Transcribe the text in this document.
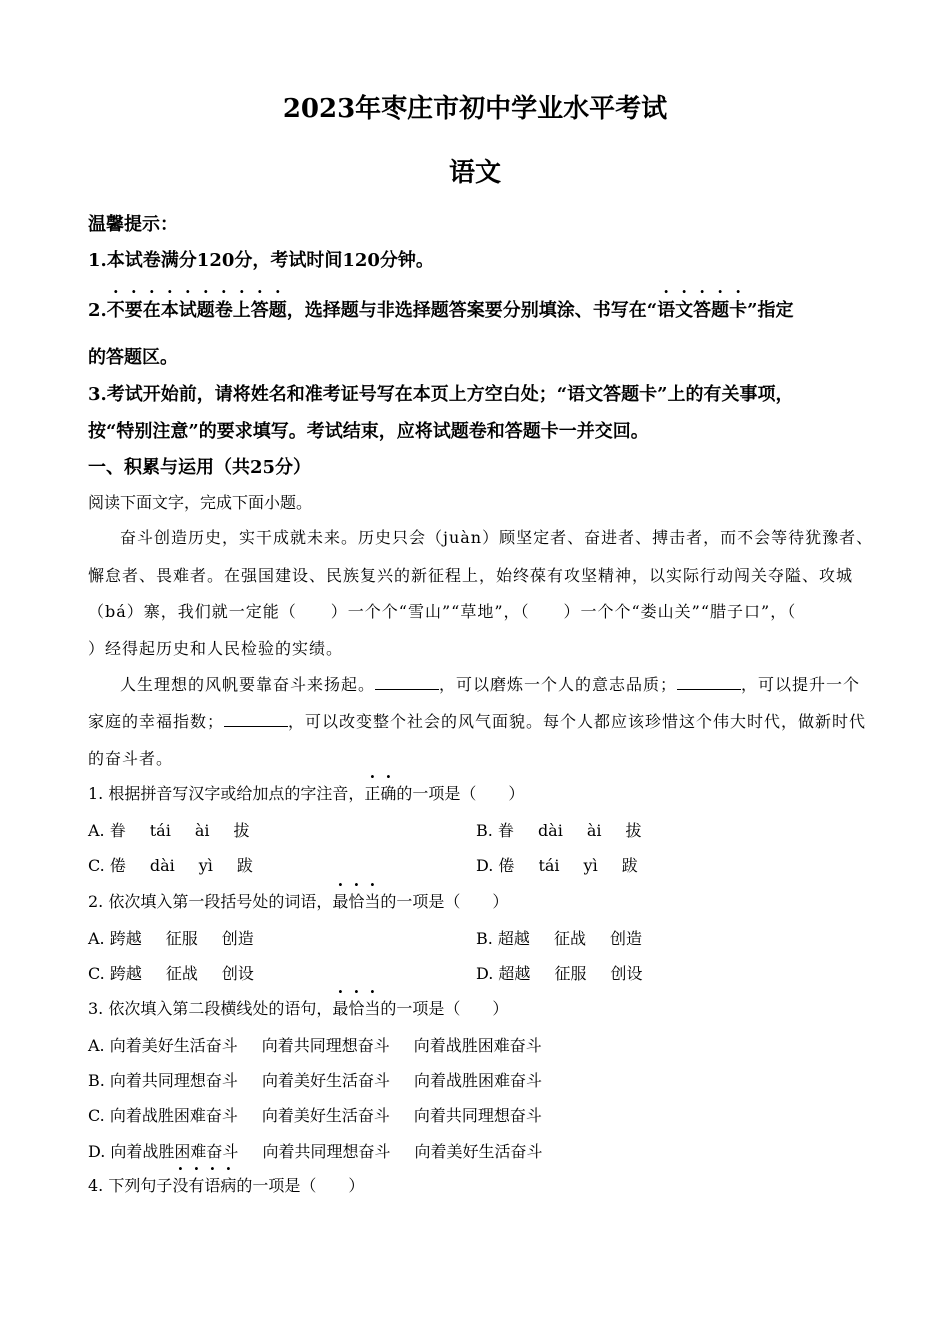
2023年枣庄市初中学业水平考试
语文
温馨提示：
1.本试卷满分120分，考试时间120分钟。
2.不要在本试题卷上答题，选择题与非选择题答案要分别填涂、书写在“语文答题卡”指定
的答题区。
3.考试开始前，请将姓名和准考证号写在本页上方空白处；“语文答题卡”上的有关事项，
按“特别注意”的要求填写。考试结束，应将试题卷和答题卡一并交回。
一、积累与运用（共25分）
阅读下面文字，完成下面小题。
奋斗创造历史，实干成就未来。历史只会（juàn）顾坚定者、奋进者、搏击者，而不会等待犹豫者、
懈怠者、畏难者。在强国建设、民族复兴的新征程上，始终葆有攻坚精神，以实际行动闯关夺隘、攻城
（bá）寨，我们就一定能（　　）一个个“雪山”“草地”，（　　）一个个“娄山关”“腊子口”，（
）经得起历史和人民检验的实绩。
人生理想的风帆要靠奋斗来扬起。	，可以磨炼一个人的意志品质；	，可以提升一个
家庭的幸福指数；	，可以改变整个社会的风气面貌。每个人都应该珍惜这个伟大时代，做新时代
的奋斗者。
1. 根据拼音写汉字或给加点的字注音，正确的一项是（　　）
A. 眷 tái ài 拔	B. 眷 dài ài 拔
C. 倦 dài yì 跋	D. 倦 tái yì 跋
2. 依次填入第一段括号处的词语，最恰当的一项是（　　）
A. 跨越 征服 创造	B. 超越 征战 创造
C. 跨越 征战 创设	D. 超越 征服 创设
3. 依次填入第二段横线处的语句，最恰当的一项是（　　）
A. 向着美好生活奋斗 向着共同理想奋斗 向着战胜困难奋斗
B. 向着共同理想奋斗 向着美好生活奋斗 向着战胜困难奋斗
C. 向着战胜困难奋斗 向着美好生活奋斗 向着共同理想奋斗
D. 向着战胜困难奋斗 向着共同理想奋斗 向着美好生活奋斗
4. 下列句子没有语病的一项是（　　）
